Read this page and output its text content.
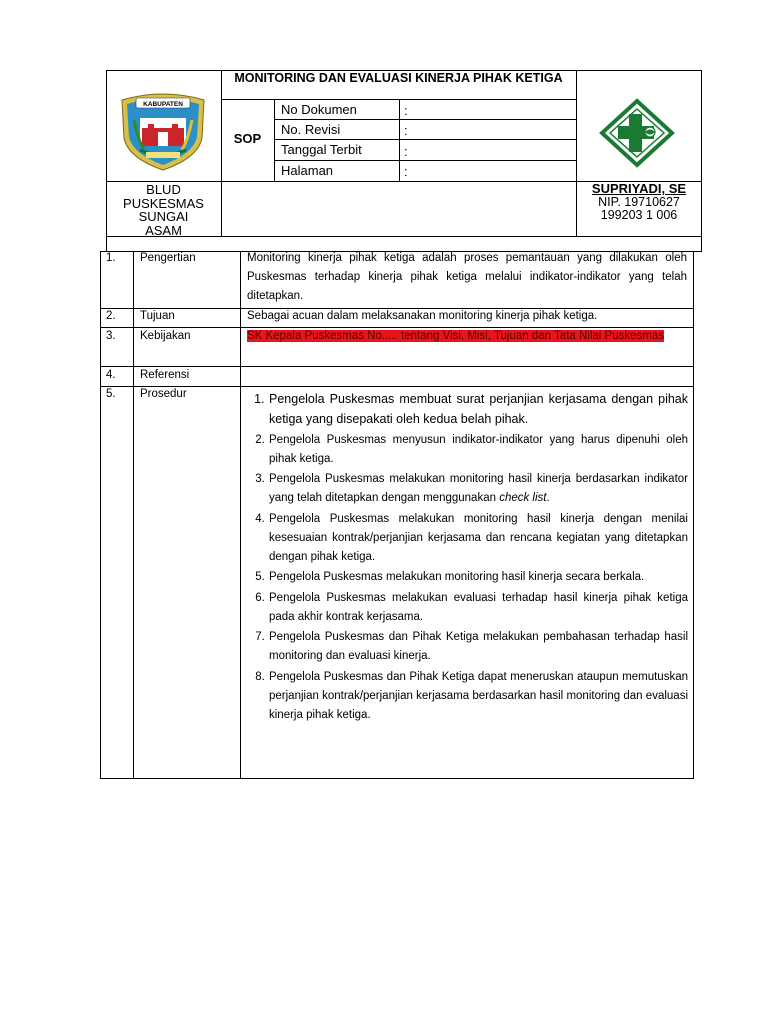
MONITORING DAN EVALUASI KINERJA PIHAK KETIGA
SOP
No Dokumen
No. Revisi
Tanggal Terbit
Halaman
:
:
:
:
KABUPATEN
BLUD
PUSKESMAS
SUNGAI
ASAM
SUPRIYADI, SE
NIP. 19710627
199203 1 006
1. Pengertian	Monitoring kinerja pihak ketiga adalah proses pemantauan yang dilakukan oleh Puskesmas terhadap kinerja pihak ketiga melalui indikator-indikator yang telah ditetapkan.
2. Tujuan	Sebagai acuan dalam melaksanakan monitoring kinerja pihak ketiga.
3. Kebijakan	SK Kepala Puskesmas No..... tentang Visi, Misi, Tujuan dan Tata Nilai Puskesmas
4. Referensi
5. Prosedur
1.	Pengelola Puskesmas membuat surat perjanjian kerjasama dengan pihak ketiga yang disepakati oleh kedua belah pihak.
2. Pengelola Puskesmas menyusun indikator-indikator yang harus dipenuhi oleh pihak ketiga.
3. Pengelola Puskesmas melakukan monitoring hasil kinerja berdasarkan indikator yang telah ditetapkan dengan menggunakan check list.
4. Pengelola Puskesmas melakukan monitoring hasil kinerja dengan menilai kesesuaian kontrak/perjanjian kerjasama dan rencana kegiatan yang ditetapkan dengan pihak ketiga.
5. Pengelola Puskesmas melakukan monitoring hasil kinerja secara berkala.
6. Pengelola Puskesmas melakukan evaluasi terhadap hasil kinerja pihak ketiga pada akhir kontrak kerjasama.
7. Pengelola Puskesmas dan Pihak Ketiga melakukan pembahasan terhadap hasil monitoring dan evaluasi kinerja.
8. Pengelola Puskesmas dan Pihak Ketiga dapat meneruskan ataupun memutuskan perjanjian kontrak/perjanjian kerjasama berdasarkan hasil monitoring dan evaluasi kinerja pihak ketiga.
